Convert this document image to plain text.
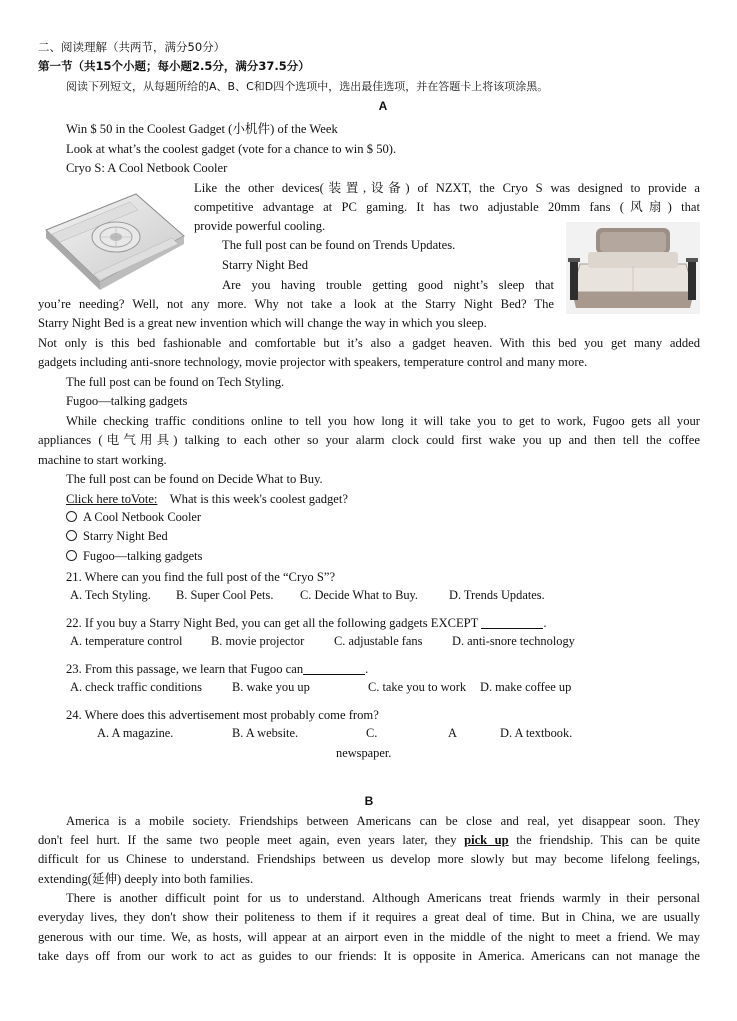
二、阅读理解（共两节，满分50分）
第一节（共15个小题；每小题2.5分，满分37.5分）
阅读下列短文，从每题所给的A、B、C和D四个选项中，选出最佳选项，并在答题卡上将该项涂黑。
A
Win $ 50 in the Coolest Gadget (小机件) of the Week
Look at what’s the coolest gadget (vote for a chance to win $ 50).
Cryo S: A Cool Netbook Cooler
Like the other devices(装置,设备) of NZXT, the Cryo S was designed to provide a
competitive advantage at PC gaming. It has two adjustable 20mm fans (风扇) that
provide powerful cooling.
The full post can be found on Trends Updates.
Starry Night Bed
Are you having trouble getting good night’s sleep that
you’re needing? Well, not any more. Why not take a look at the Starry Night Bed? The
Starry Night Bed is a great new invention which will change the way in which you sleep.
Not only is this bed fashionable and comfortable but it’s also a gadget heaven. With this bed you get many added
gadgets including anti-snore technology, movie projector with speakers, temperature control and many more.
The full post can be found on Tech Styling.
Fugoo—talking gadgets
While checking traffic conditions online to tell you how long it will take you to get to work, Fugoo gets all your
appliances (电气用具) talking to each other so your alarm clock could first wake you up and then tell the coffee
machine to start working.
The full post can be found on Decide What to Buy.
Click here toVote: What is this week's coolest gadget?
A Cool Netbook Cooler
Starry Night Bed
Fugoo—talking gadgets
21. Where can you find the full post of the “Cryo S”?
A. Tech Styling. B. Super Cool Pets. C. Decide What to Buy. D. Trends Updates.
22. If you buy a Starry Night Bed, you can get all the following gadgets EXCEPT	.
A. temperature control B. movie projector C. adjustable fans D. anti-snore technology
23. From this passage, we learn that Fugoo can	.
A. check traffic conditions B. wake you up	C. take you to work D. make coffee up
24. Where does this advertisement most probably come from?
A. A magazine.	B. A website.	C.	A
newspaper.
D. A textbook.
B
America is a mobile society. Friendships between Americans can be close and real, yet disappear soon. They
don't feel hurt. If the same two people meet again, even years later, they pick up the friendship. This can be quite
difficult for us Chinese to understand. Friendships between us develop more slowly but may become lifelong feelings,
extending(延伸) deeply into both families.
There is another difficult point for us to understand. Although Americans treat friends warmly in their personal
everyday lives, they don't show their politeness to them if it requires a great deal of time. But in China, we are usually
generous with our time. We, as hosts, will appear at an airport even in the middle of the night to meet a friend. We may
take days off from our work to act as guides to our friends: It is opposite in America. Americans can not manage the
